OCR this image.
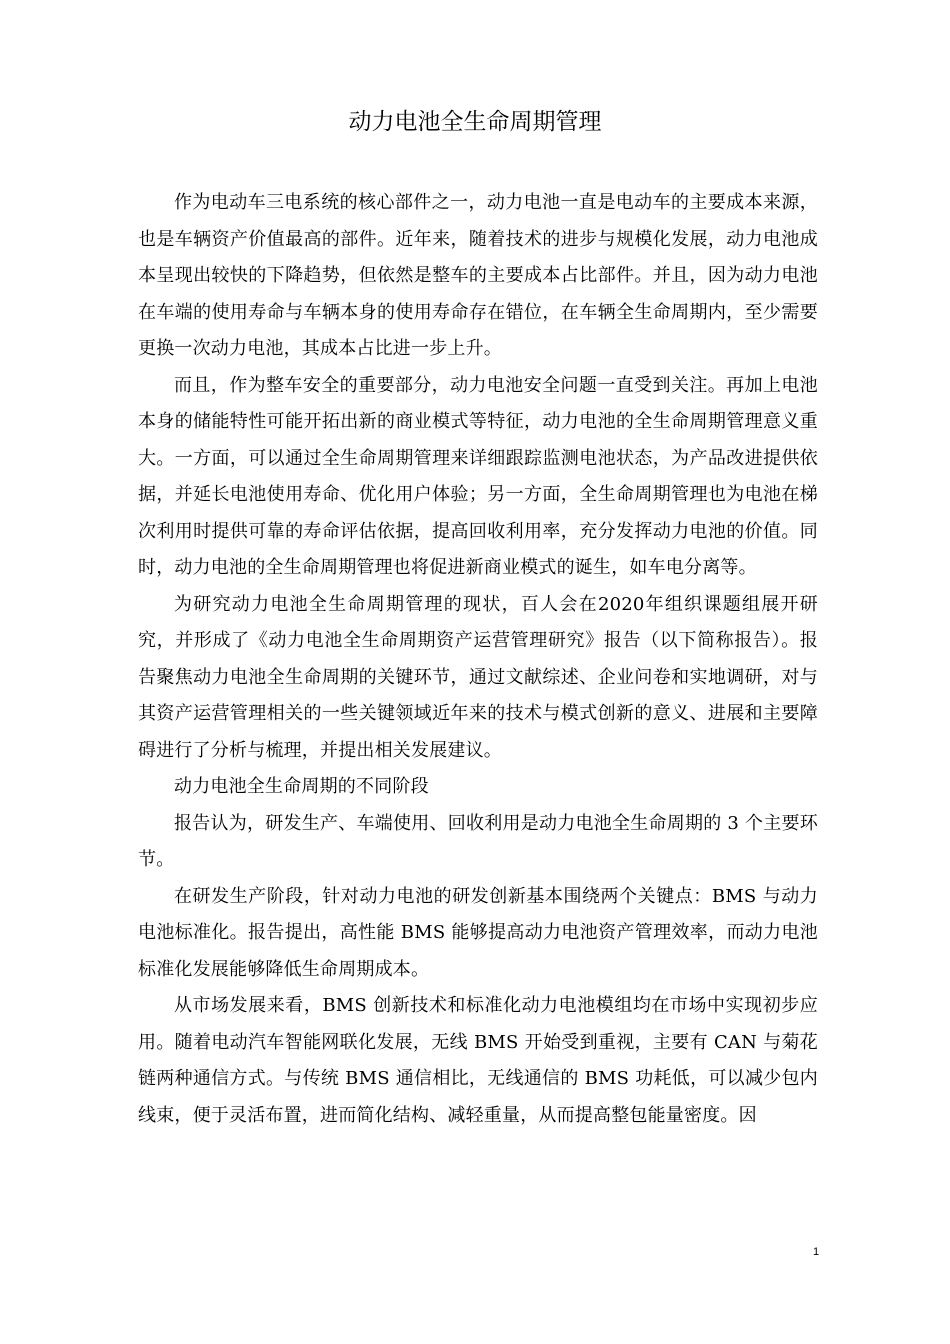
动力电池全生命周期管理

作为电动车三电系统的核心部件之一，动力电池一直是电动车的主要成本来源，也是车辆资产价值最高的部件。近年来，随着技术的进步与规模化发展，动力电池成本呈现出较快的下降趋势，但依然是整车的主要成本占比部件。并且，因为动力电池在车端的使用寿命与车辆本身的使用寿命存在错位，在车辆全生命周期内，至少需要更换一次动力电池，其成本占比进一步上升。

而且，作为整车安全的重要部分，动力电池安全问题一直受到关注。再加上电池本身的储能特性可能开拓出新的商业模式等特征，动力电池的全生命周期管理意义重大。一方面，可以通过全生命周期管理来详细跟踪监测电池状态，为产品改进提供依据，并延长电池使用寿命、优化用户体验；另一方面，全生命周期管理也为电池在梯次利用时提供可靠的寿命评估依据，提高回收利用率，充分发挥动力电池的价值。同时，动力电池的全生命周期管理也将促进新商业模式的诞生，如车电分离等。

为研究动力电池全生命周期管理的现状，百人会在2020年组织课题组展开研究，并形成了《动力电池全生命周期资产运营管理研究》报告（以下简称报告）。报告聚焦动力电池全生命周期的关键环节，通过文献综述、企业问卷和实地调研，对与其资产运营管理相关的一些关键领域近年来的技术与模式创新的意义、进展和主要障碍进行了分析与梳理，并提出相关发展建议。

动力电池全生命周期的不同阶段

报告认为，研发生产、车端使用、回收利用是动力电池全生命周期的 3 个主要环节。

在研发生产阶段，针对动力电池的研发创新基本围绕两个关键点：BMS 与动力电池标准化。报告提出，高性能 BMS 能够提高动力电池资产管理效率，而动力电池标准化发展能够降低生命周期成本。

从市场发展来看，BMS 创新技术和标准化动力电池模组均在市场中实现初步应用。随着电动汽车智能网联化发展，无线 BMS 开始受到重视，主要有 CAN 与菊花链两种通信方式。与传统 BMS 通信相比，无线通信的 BMS 功耗低，可以减少包内线束，便于灵活布置，进而简化结构、减轻重量，从而提高整包能量密度。因

1
